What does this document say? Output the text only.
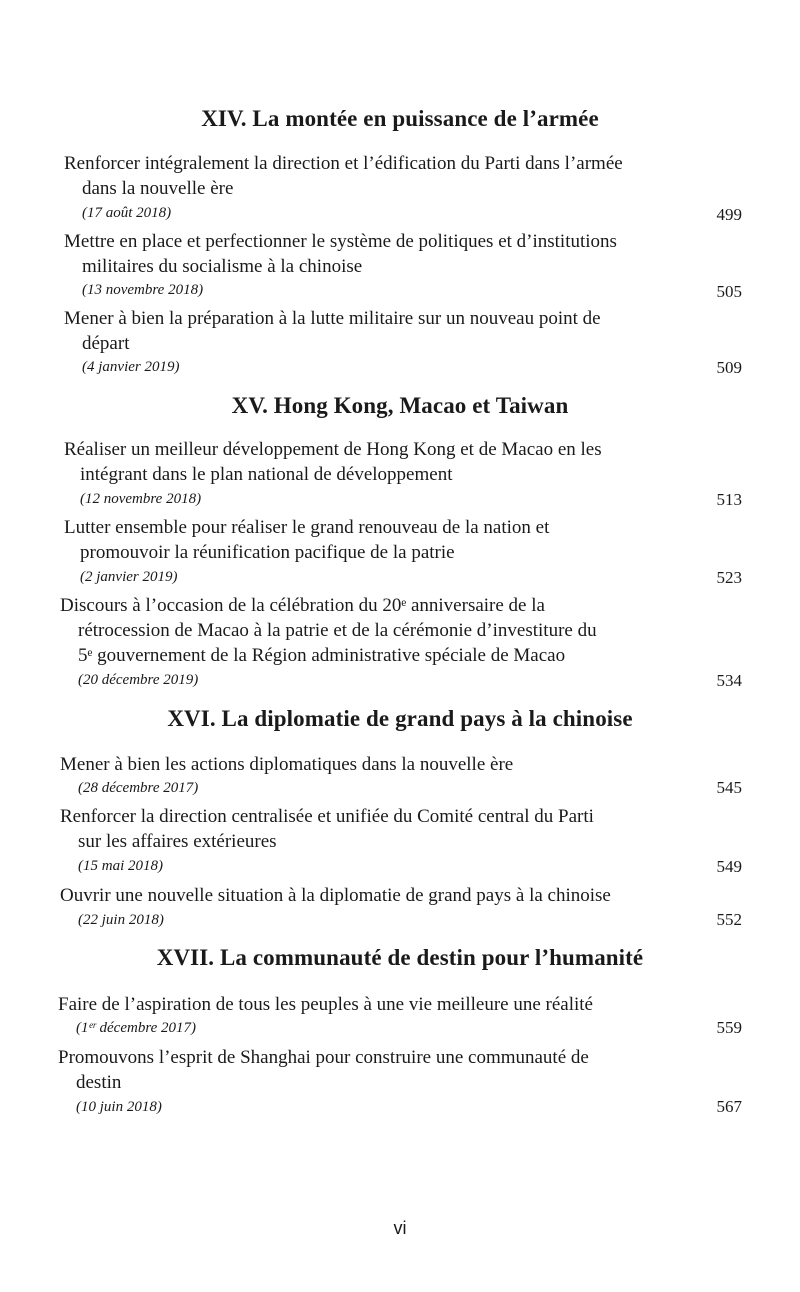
XIV. La montée en puissance de l’armée
Renforcer intégralement la direction et l’édification du Parti dans l’armée
dans la nouvelle ère
(17 août 2018)	499
Mettre en place et perfectionner le système de politiques et d’institutions
militaires du socialisme à la chinoise
(13 novembre 2018)	505
Mener à bien la préparation à la lutte militaire sur un nouveau point de
départ
(4 janvier 2019)	509
XV. Hong Kong, Macao et Taiwan
Réaliser un meilleur développement de Hong Kong et de Macao en les
intégrant dans le plan national de développement
(12 novembre 2018)	513
Lutter ensemble pour réaliser le grand renouveau de la nation et
promouvoir la réunification pacifique de la patrie
(2 janvier 2019)	523
Discours à l’occasion de la célébration du 20ᵉ anniversaire de la
rétrocession de Macao à la patrie et de la cérémonie d’investiture du
5ᵉ gouvernement de la Région administrative spéciale de Macao
(20 décembre 2019)	534
XVI. La diplomatie de grand pays à la chinoise
Mener à bien les actions diplomatiques dans la nouvelle ère
(28 décembre 2017)	545
Renforcer la direction centralisée et unifiée du Comité central du Parti
sur les affaires extérieures
(15 mai 2018)	549
Ouvrir une nouvelle situation à la diplomatie de grand pays à la chinoise
(22 juin 2018)	552
XVII. La communauté de destin pour l’humanité
Faire de l’aspiration de tous les peuples à une vie meilleure une réalité
(1ᵉʳ décembre 2017)	559
Promouvons l’esprit de Shanghai pour construire une communauté de
destin
(10 juin 2018)	567
vi
